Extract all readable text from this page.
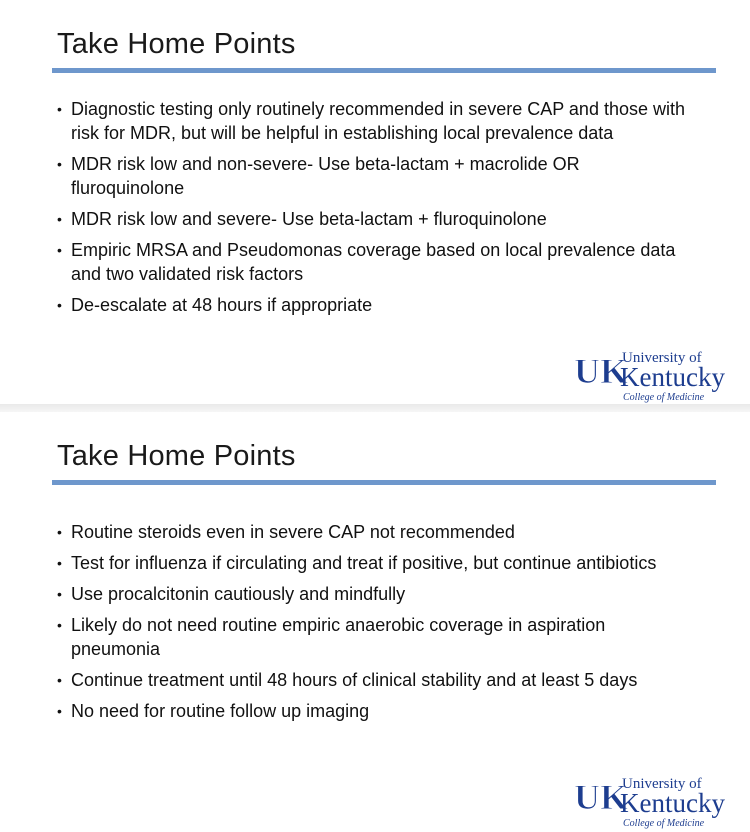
Take Home Points
• Diagnostic testing only routinely recommended in severe CAP and those with risk for MDR, but will be helpful in establishing local prevalence data
• MDR risk low and non-severe- Use beta-lactam + macrolide OR fluroquinolone
• MDR risk low and severe- Use beta-lactam + fluroquinolone
• Empiric MRSA and Pseudomonas coverage based on local prevalence data and two validated risk factors
• De-escalate at 48 hours if appropriate
UK
University of
Kentucky
College of Medicine
Take Home Points
• Routine steroids even in severe CAP not recommended
• Test for influenza if circulating and treat if positive, but continue antibiotics
• Use procalcitonin cautiously and mindfully
• Likely do not need routine empiric anaerobic coverage in aspiration pneumonia
• Continue treatment until 48 hours of clinical stability and at least 5 days
• No need for routine follow up imaging
UK
University of
Kentucky
College of Medicine
